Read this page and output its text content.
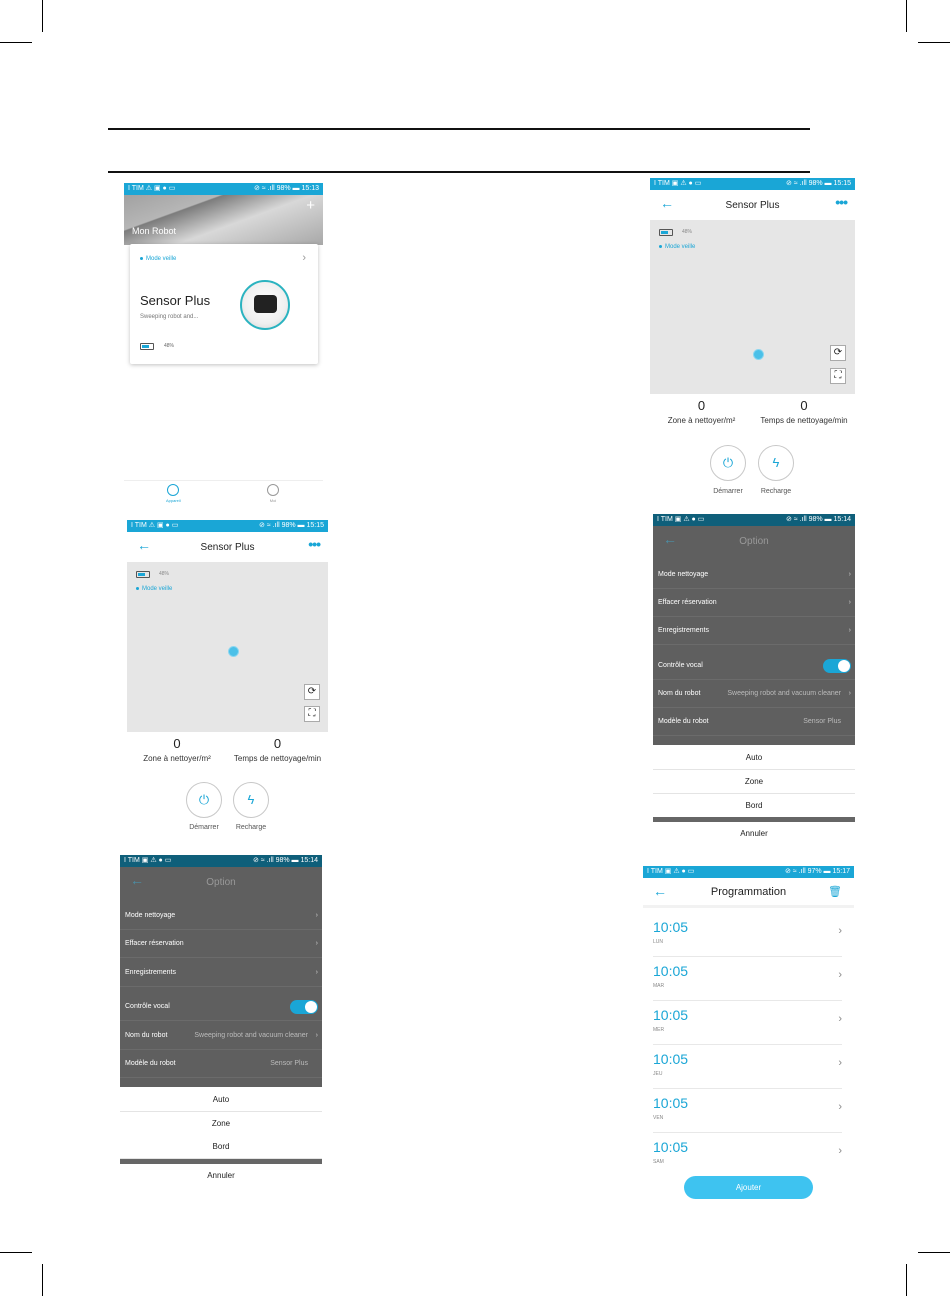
I TIM ⚠ ▣ ● ▭	⊘ ≈ .ıll 98% ▬ 15:13
+
Mon Robot
Mode veille	›
Sensor Plus
Sweeping robot and...
48%
Appareil	Moi
I TIM ▣ ⚠ ● ▭	⊘ ≈ .ıll 98% ▬ 15:15
←	Sensor Plus	•••
48%
Mode veille
⟳
⛶
0
Zone à nettoyer/m²
0
Temps de nettoyage/min
⏻
Démarrer
ϟ
Recharge
I TIM ⚠ ▣ ● ▭	⊘ ≈ .ıll 98% ▬ 15:15
←	Sensor Plus	•••
48%
Mode veille
⟳
⛶
0
Zone à nettoyer/m²
0
Temps de nettoyage/min
⏻
Démarrer
ϟ
Recharge
I TIM ▣ ⚠ ● ▭	⊘ ≈ .ıll 98% ▬ 15:14
←	Option
Mode nettoyage	›
Effacer réservation	›
Enregistrements	›
Contrôle vocal
Nom du robot	Sweeping robot and vacuum cleaner ›
Modèle du robot	Sensor Plus
Auto
Zone
Bord
Annuler
I TIM ▣ ⚠ ● ▭	⊘ ≈ .ıll 98% ▬ 15:14
←	Option
Mode nettoyage	›
Effacer réservation	›
Enregistrements	›
Contrôle vocal
Nom du robot	Sweeping robot and vacuum cleaner ›
Modèle du robot	Sensor Plus
Auto
Zone
Bord
Annuler
I TIM ▣ ⚠ ● ▭	⊘ ≈ .ıll 97% ▬ 15:17
←	Programmation	🗑
10:05
LUN
›
10:05
MAR
›
10:05
MER
›
10:05
JEU
›
10:05
VEN
›
10:05
SAM
›
Ajouter
